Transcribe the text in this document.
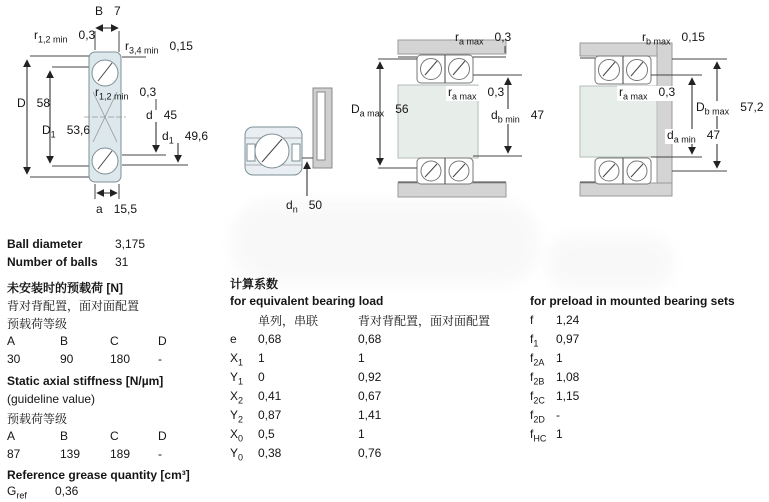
B 7
$r_{1,2 min}$ 0,3
$r_{3,4 min}$ 0,15
D 58
$D_1$ 53,6
$r_{1,2 min}$ 0,3
d 45
$d_1$ 49,6
a 15,5	$d_n$ 50
$r_{a max}$ 0,3
$D_{a max}$ 56
$r_{a max}$ 0,3
$d_{b min}$ 47
$r_{b max}$ 0,15
$r_{a max}$ 0,3
$D_{b max}$ 57,2
$d_{a min}$ 47
Ball diameter	3,175
Number of balls	31
未安装时的预载荷 [N]
背对背配置，面对面配置
预载荷等级
A	B	C	D
30	90	180 -
Static axial stiffness [N/µm]
(guideline value)
预载荷等级
A	B	C	D
87	139 189 -
Reference grease quantity [cm³]
$G_{ref}$ 0,36
计算系数
for equivalent bearing load
单列，串联	背对背配置，面对面配置
e 0,68	0,68
$X_1$ 1	1
$Y_1$ 0	0,92
$X_2$ 0,41	0,67
$Y_2$ 0,87	1,41
$X_0$ 0,5	1
$Y_0$ 0,38	0,76
for preload in mounted bearing sets
f 1,24
$f_1$ 0,97
$f_{2A}$ 1
$f_{2B}$ 1,08
$f_{2C}$ 1,15
$f_{2D}$ -
$f_{HC}$ 1
